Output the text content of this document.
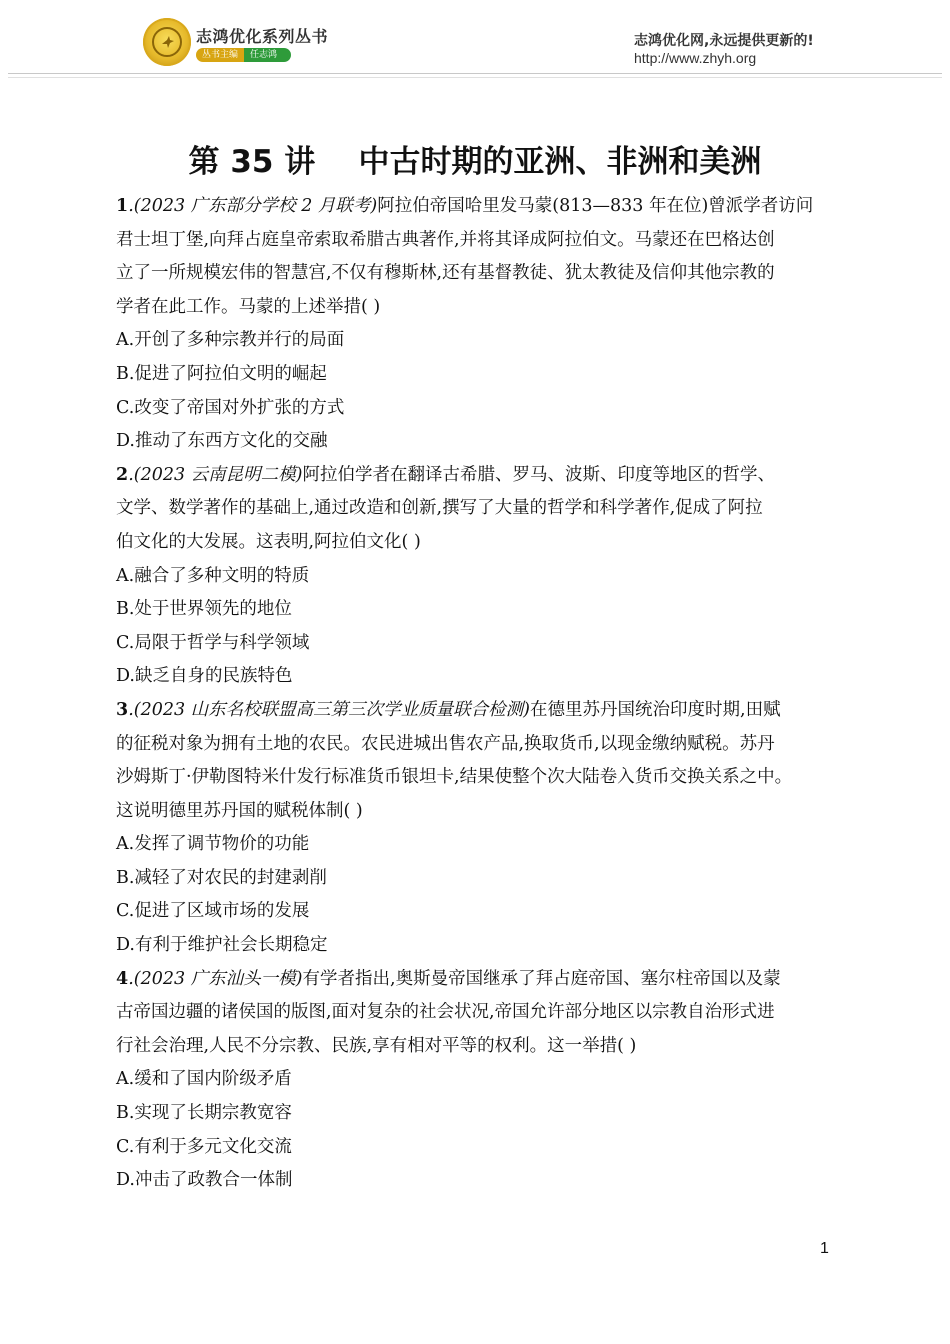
志鸿优化系列丛书
丛书主编	任志鸿
志鸿优化网,永远提供更新的!
http://www.zhyh.org
第 35 讲    中古时期的亚洲、非洲和美洲

1.(2023 广东部分学校 2 月联考)阿拉伯帝国哈里发马蒙(813—833 年在位)曾派学者访问

君士坦丁堡,向拜占庭皇帝索取希腊古典著作,并将其译成阿拉伯文。马蒙还在巴格达创

立了一所规模宏伟的智慧宫,不仅有穆斯林,还有基督教徒、犹太教徒及信仰其他宗教的

学者在此工作。马蒙的上述举措( )

A.开创了多种宗教并行的局面

B.促进了阿拉伯文明的崛起

C.改变了帝国对外扩张的方式

D.推动了东西方文化的交融

2.(2023 云南昆明二模)阿拉伯学者在翻译古希腊、罗马、波斯、印度等地区的哲学、

文学、数学著作的基础上,通过改造和创新,撰写了大量的哲学和科学著作,促成了阿拉

伯文化的大发展。这表明,阿拉伯文化( )

A.融合了多种文明的特质

B.处于世界领先的地位

C.局限于哲学与科学领域

D.缺乏自身的民族特色

3.(2023 山东名校联盟高三第三次学业质量联合检测)在德里苏丹国统治印度时期,田赋

的征税对象为拥有土地的农民。农民进城出售农产品,换取货币,以现金缴纳赋税。苏丹

沙姆斯丁·伊勒图特米什发行标准货币银坦卡,结果使整个次大陆卷入货币交换关系之中。

这说明德里苏丹国的赋税体制( )

A.发挥了调节物价的功能

B.减轻了对农民的封建剥削

C.促进了区域市场的发展

D.有利于维护社会长期稳定

4.(2023 广东汕头一模)有学者指出,奥斯曼帝国继承了拜占庭帝国、塞尔柱帝国以及蒙

古帝国边疆的诸侯国的版图,面对复杂的社会状况,帝国允许部分地区以宗教自治形式进

行社会治理,人民不分宗教、民族,享有相对平等的权利。这一举措( )

A.缓和了国内阶级矛盾

B.实现了长期宗教宽容

C.有利于多元文化交流

D.冲击了政教合一体制

1
